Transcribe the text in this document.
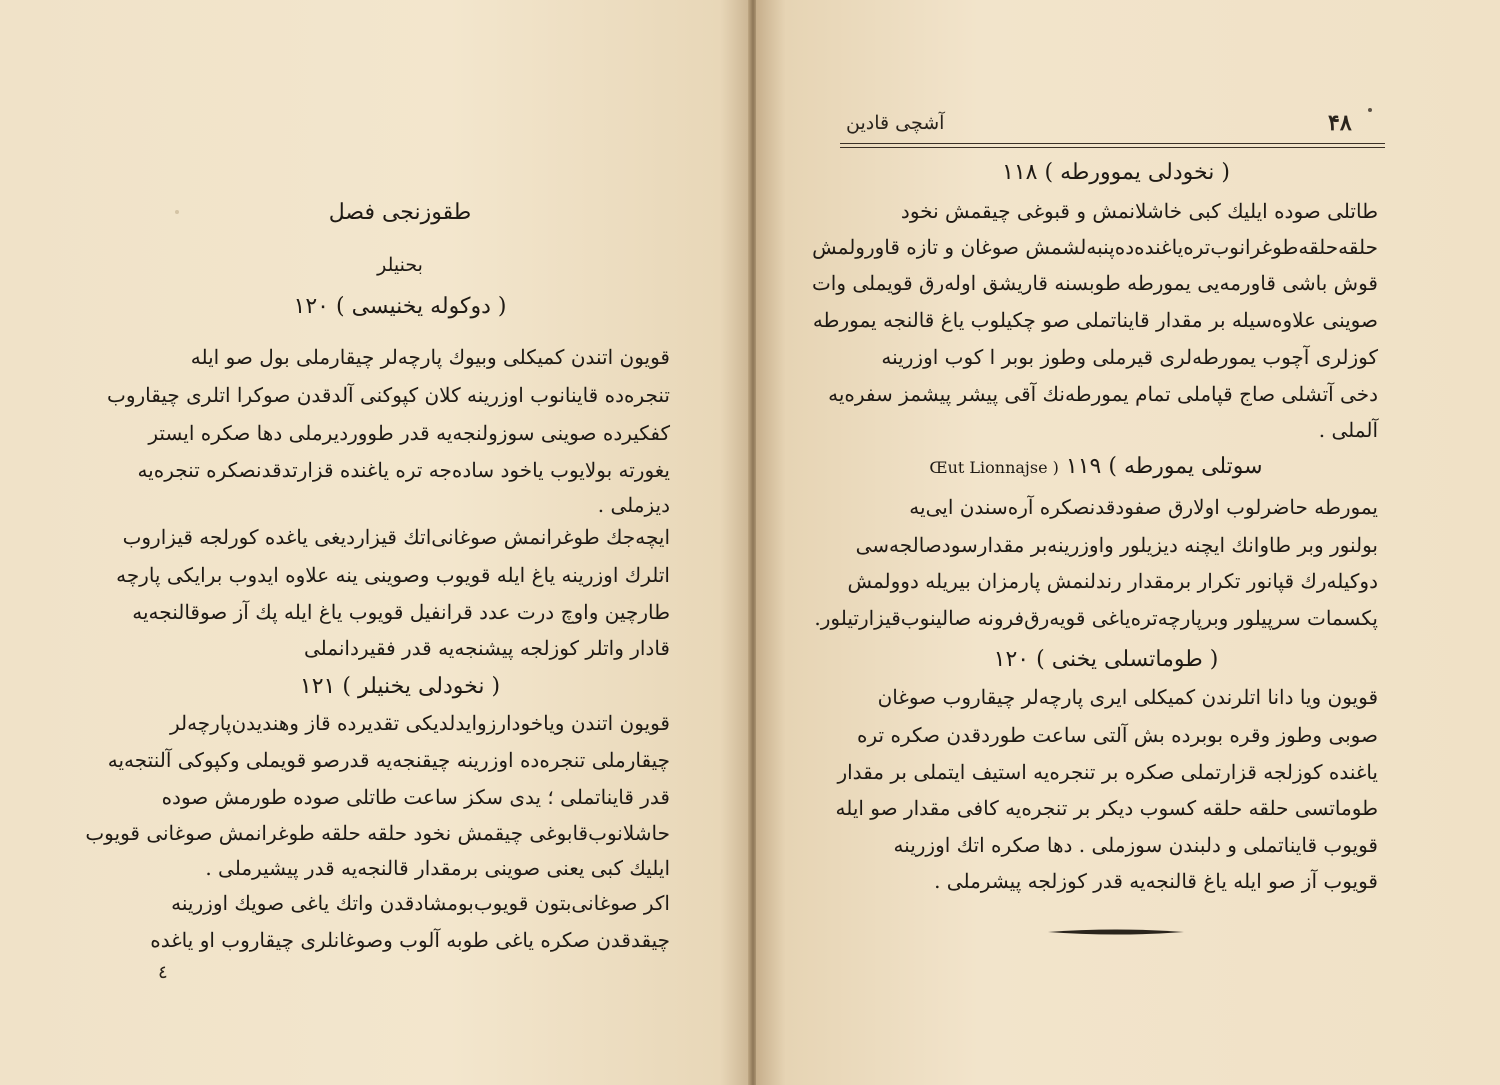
طقوزنجی فصل
بحنیلر
۱۲۰ ( دوکوله یخنیسی )
قویون اتندن کمیکلی وبیوك پارچه‌لر چیقارملی بول صو ایله
تنجره‌ده قاینانوب اوزرینه کلان کپوکنی آلدقدن صوکرا اتلری چیقاروب
کفکیرده صوینی سوزولنجه‌یه قدر طووردیرملی دها صکره ایستر
یغورته بولایوب یاخود ساده‌جه تره یاغنده قزارتدقدنصکره تنجره‌یه
دیزملی .
ایچه‌جك طوغرانمش صوغانی‌اتك قیزاردیغی یاغده کورلجه قیزاروب
اتلرك اوزرینه یاغ ایله قویوب وصوینی ینه علاوه ایدوب برایکی پارچه
طارچین واوچ درت عدد قرانفیل قویوب یاغ ایله پك آز صوقالنجه‌یه
قادار واتلر کوزلجه پیشنجه‌یه قدر فقیردانملی
۱۲۱ ( نخودلی یخنیلر )
قویون اتندن ویاخودارزوایدلدیکی تقدیرده قاز وهندیدن‌پارچه‌لر
چیقارملی تنجره‌ده اوزرینه چیقنجه‌یه قدرصو قویملی وکپوکی آلنتجه‌یه
قدر قایناتملی ؛ یدی سکز ساعت طاتلی صوده طورمش صوده
حاشلانوب‌قابوغی چیقمش نخود حلقه حلقه طوغرانمش صوغانی قویوب
ایلیك کبی یعنی صوینی برمقدار قالنجه‌یه قدر پیشیرملی .
اکر صوغانی‌بتون قویوب‌بومشادقدن واتك یاغی صویك اوزرینه
چیقدقدن صکره یاغی طوبه آلوب وصوغانلری چیقاروب او یاغده
٤
۴۸
آشچی قادین
۱۱۸ ( نخودلی یموورطه )
طاتلی صوده ایلیك کبی خاشلانمش و قبوغی چیقمش نخود
حلقه‌حلقه‌طوغرانوب‌تره‌یاغنده‌ده‌پنبه‌لشمش صوغان و تازه قاورولمش
قوش باشی قاورمه‌یی یمورطه طوبسنه قاریشق اوله‌رق قویملی وات
صوینی علاوه‌سیله بر مقدار قایناتملی صو چکیلوب یاغ قالنجه یمورطه
کوزلری آچوب یمورطه‌لری قیرملی وطوز بوبر ا کوب اوزرینه
دخی آتشلی صاج قپاملی تمام یمورطه‌نك آقی پیشر پیشمز سفره‌یه
آلملی .
Œut Lionnajse ) ۱۱۹ ( سوتلی یمورطه
یمورطه حاضرلوب اولارق صفودقدنصکره آره‌سندن ایی‌یه
بولنور وبر طاوانك ایچنه دیزیلور واوزرینه‌بر مقدارسودصالجه‌سی
دوکیله‌رك قپانور تکرار برمقدار رندلنمش پارمزان بیریله دوولمش
پکسمات سرپیلور وبرپارچه‌تره‌یاغی قویه‌رق‌فرونه صالینوب‌قیزارتیلور.
۱۲۰ ( طوماتسلی یخنی )
قویون ویا دانا اتلرندن کمیکلی ایری پارچه‌لر چیقاروب صوغان
صوبی وطوز وقره بوبرده بش آلتی ساعت طوردقدن صکره تره
یاغنده کوزلجه قزارتملی صکره بر تنجره‌یه استیف ایتملی بر مقدار
طوماتسی حلقه حلقه کسوب دیکر بر تنجره‌یه کافی مقدار صو ایله
قویوب قایناتملی و دلبندن سوزملی . دها صکره اتك اوزرینه
قویوب آز صو ایله یاغ قالنجه‌یه قدر کوزلجه پیشرملی .
